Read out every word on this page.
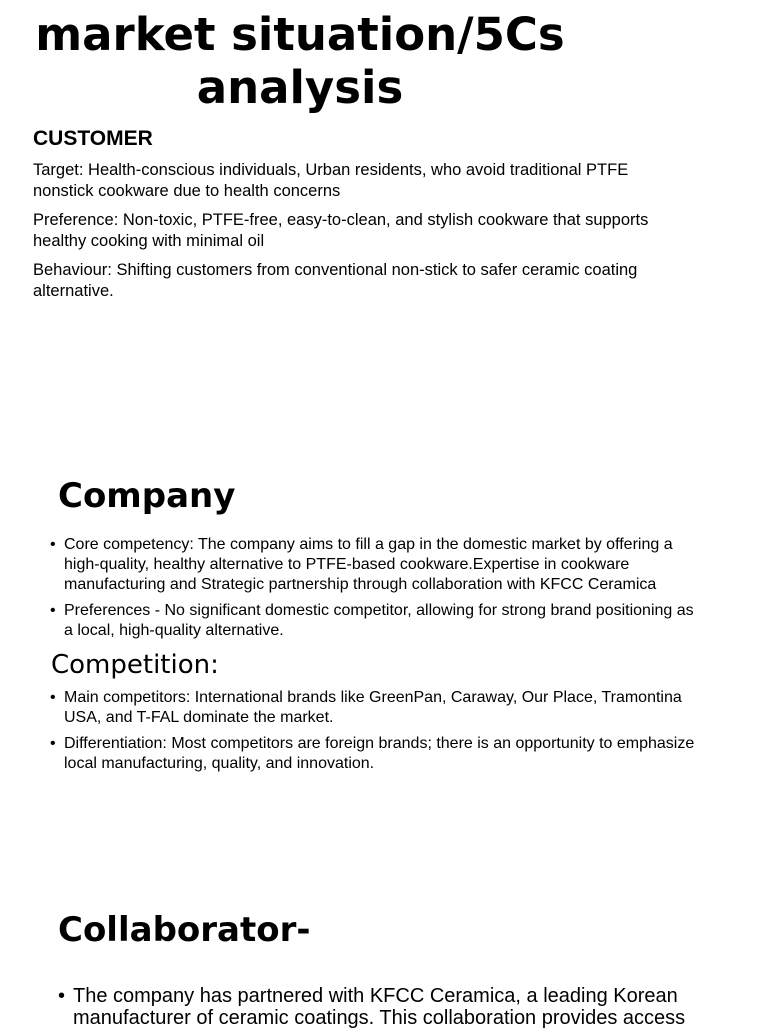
market situation/5Cs
analysis
CUSTOMER

Target: Health-conscious individuals, Urban residents, who avoid traditional PTFE nonstick cookware due to health concerns

Preference: Non-toxic, PTFE-free, easy-to-clean, and stylish cookware that supports healthy cooking with minimal oil

Behaviour: Shifting customers from conventional non-stick to safer ceramic coating alternative.

Company
• Core competency: The company aims to fill a gap in the domestic market by offering a high-quality, healthy alternative to PTFE-based cookware.Expertise in cookware manufacturing and Strategic partnership through collaboration with KFCC Ceramica
• Preferences - No significant domestic competitor, allowing for strong brand positioning as a local, high-quality alternative.
Competition:
• Main competitors: International brands like GreenPan, Caraway, Our Place, Tramontina USA, and T-FAL dominate the market.
• Differentiation: Most competitors are foreign brands; there is an opportunity to emphasize local manufacturing, quality, and innovation.
Collaborator-
• The company has partnered with KFCC Ceramica, a leading Korean manufacturer of ceramic coatings. This collaboration provides access
